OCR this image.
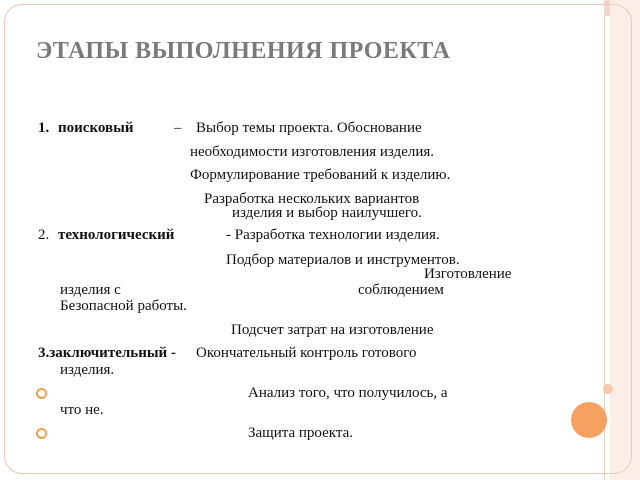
ЭТАПЫ ВЫПОЛНЕНИЯ ПРОЕКТА
1. поисковый	– Выбор темы проекта. Обоснование
необходимости изготовления изделия.
Формулирование требований к изделию.
Разработка нескольких вариантов
изделия и выбор наилучшего.
2. технологический	- Разработка технологии изделия.
Подбор материалов и инструментов.
Изготовление
изделия с	соблюдением
Безопасной работы.
Подсчет затрат на изготовление
3.заключительный - Окончательный контроль готового
изделия.
Анализ того, что получилось, а
что не.
Защита проекта.
